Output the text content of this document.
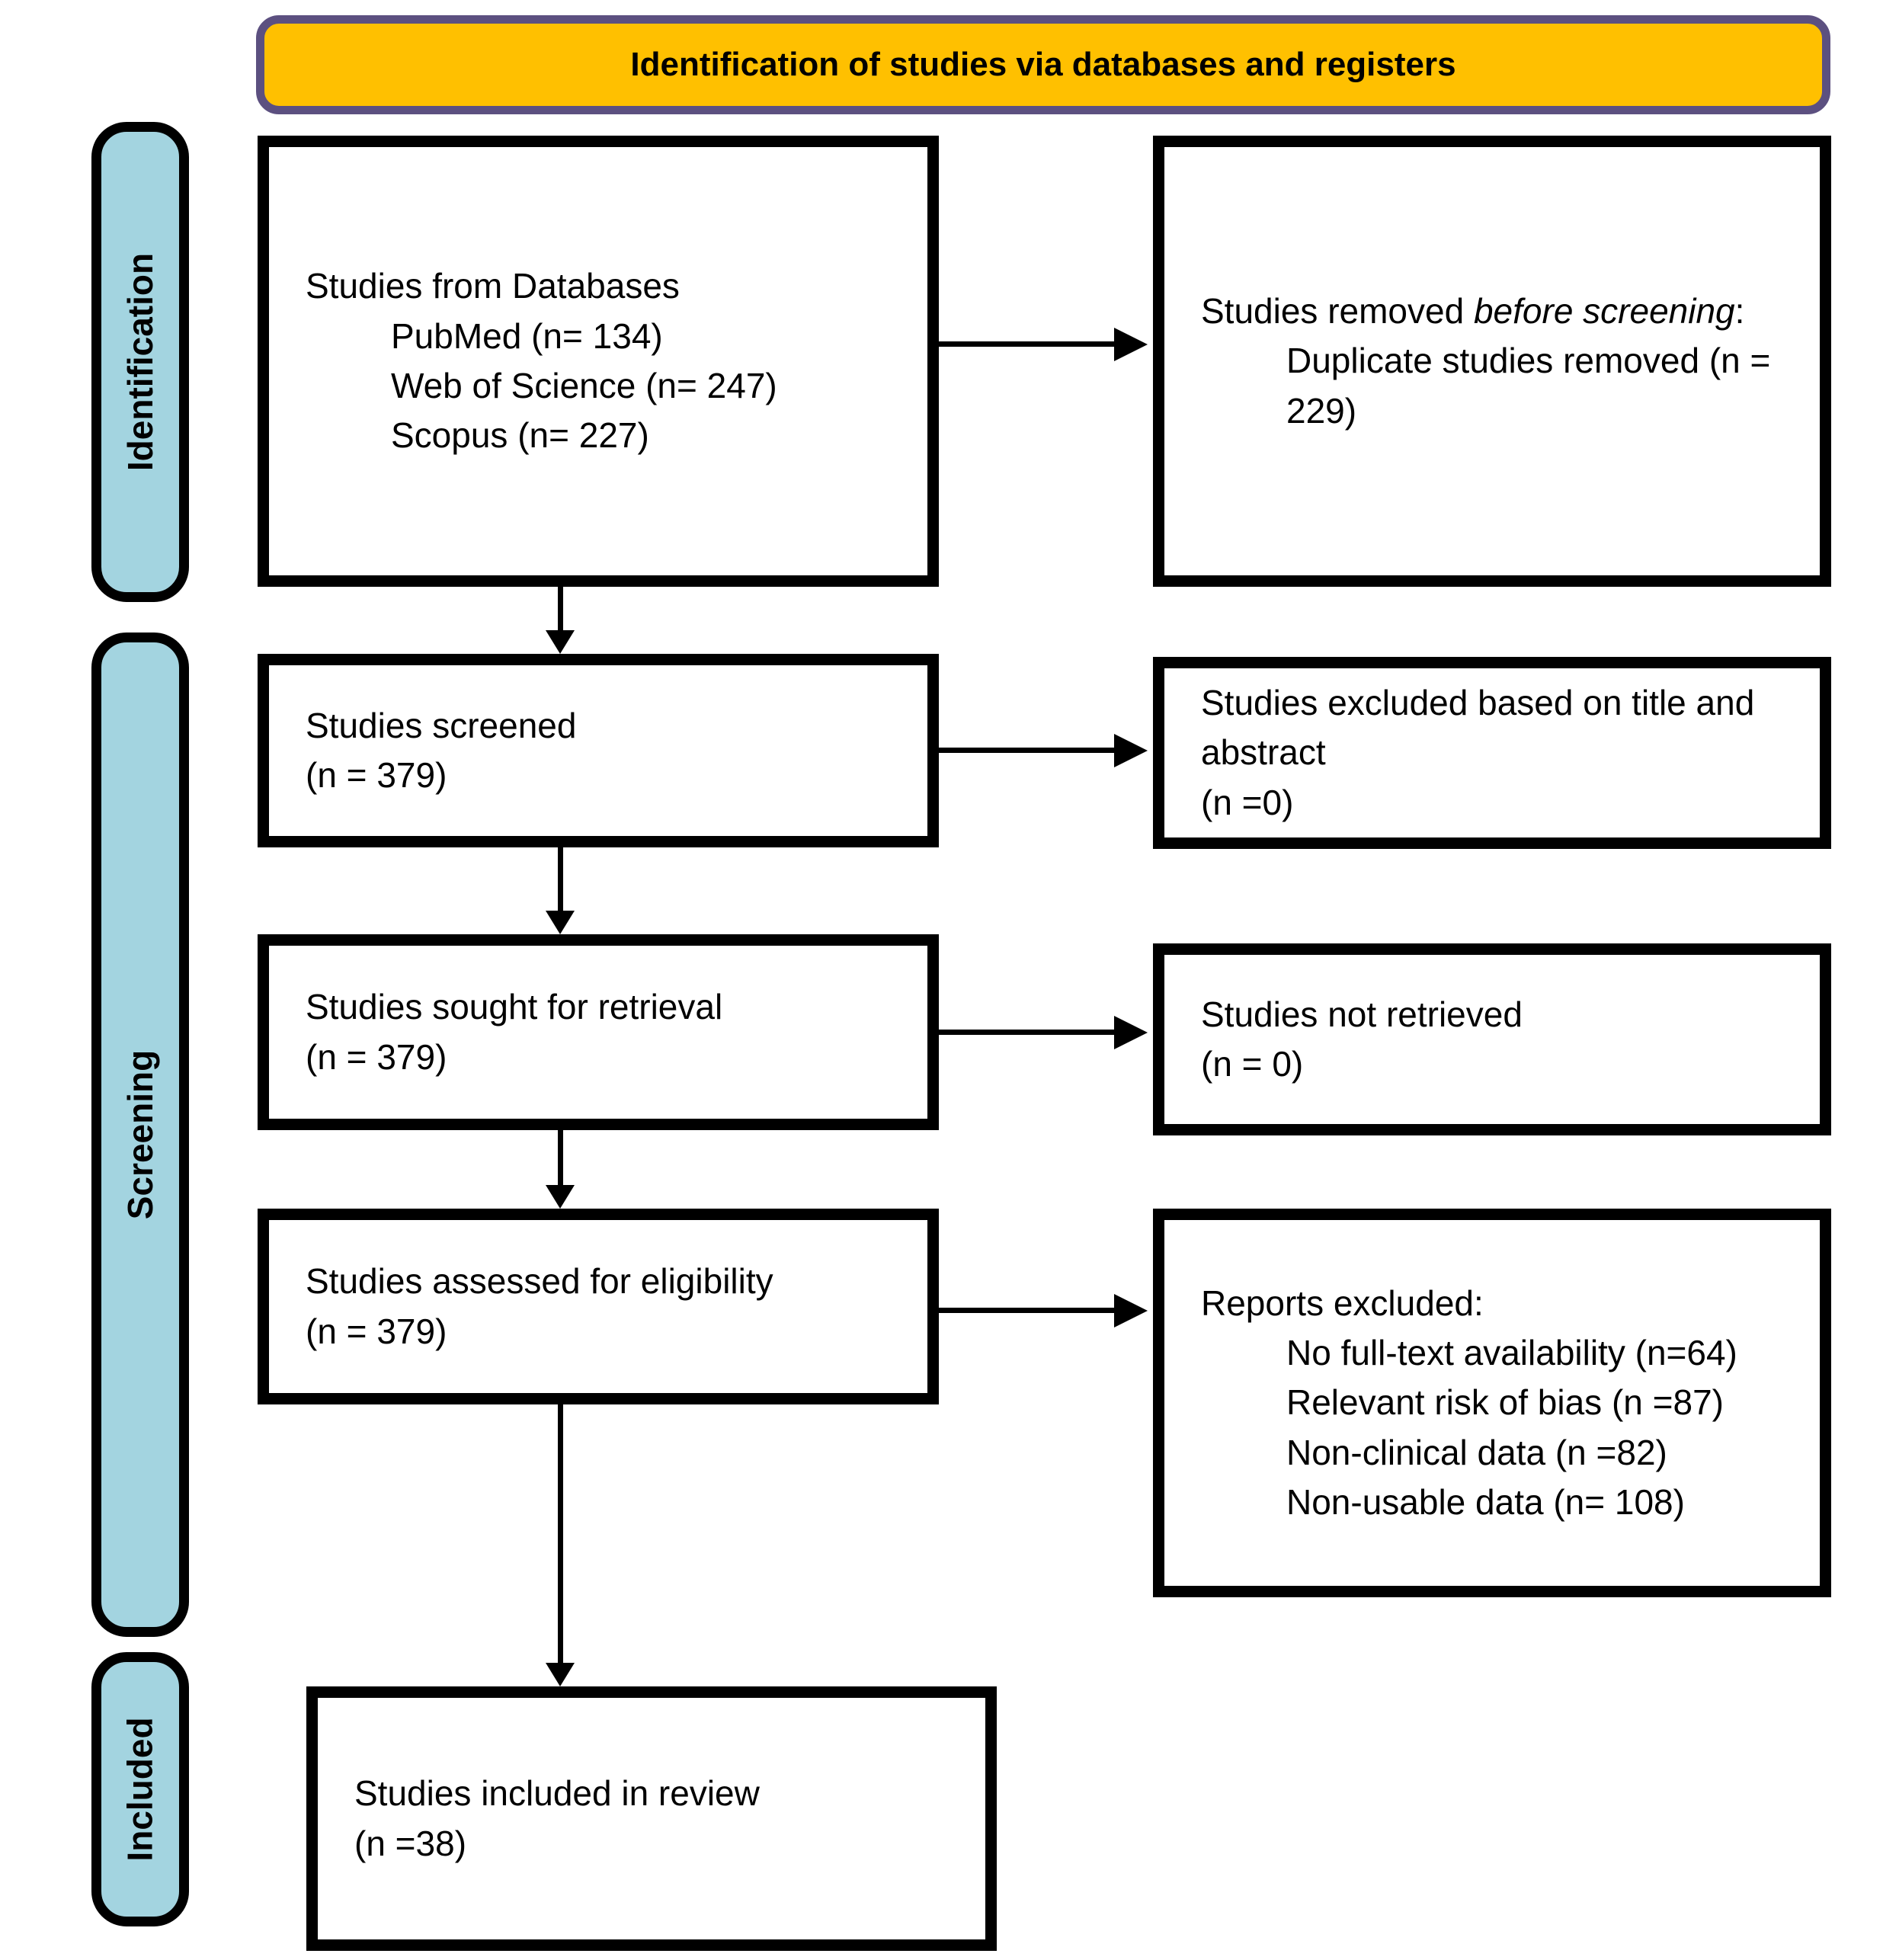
Identification of studies via databases and registers
Identification
Screening
Included
Studies from Databases
PubMed (n= 134)
Web of Science (n= 247)
Scopus (n= 227)
Studies removed before screening:
Duplicate studies removed (n = 229)
Studies screened
(n = 379)
Studies excluded based on title and abstract
(n =0)
Studies sought for retrieval
(n = 379)
Studies not retrieved
(n = 0)
Studies assessed for eligibility
(n = 379)
Reports excluded:
No full-text availability (n=64)
Relevant risk of bias (n =87)
Non-clinical data (n =82)
Non-usable data (n= 108)
Studies included in review
(n =38)
